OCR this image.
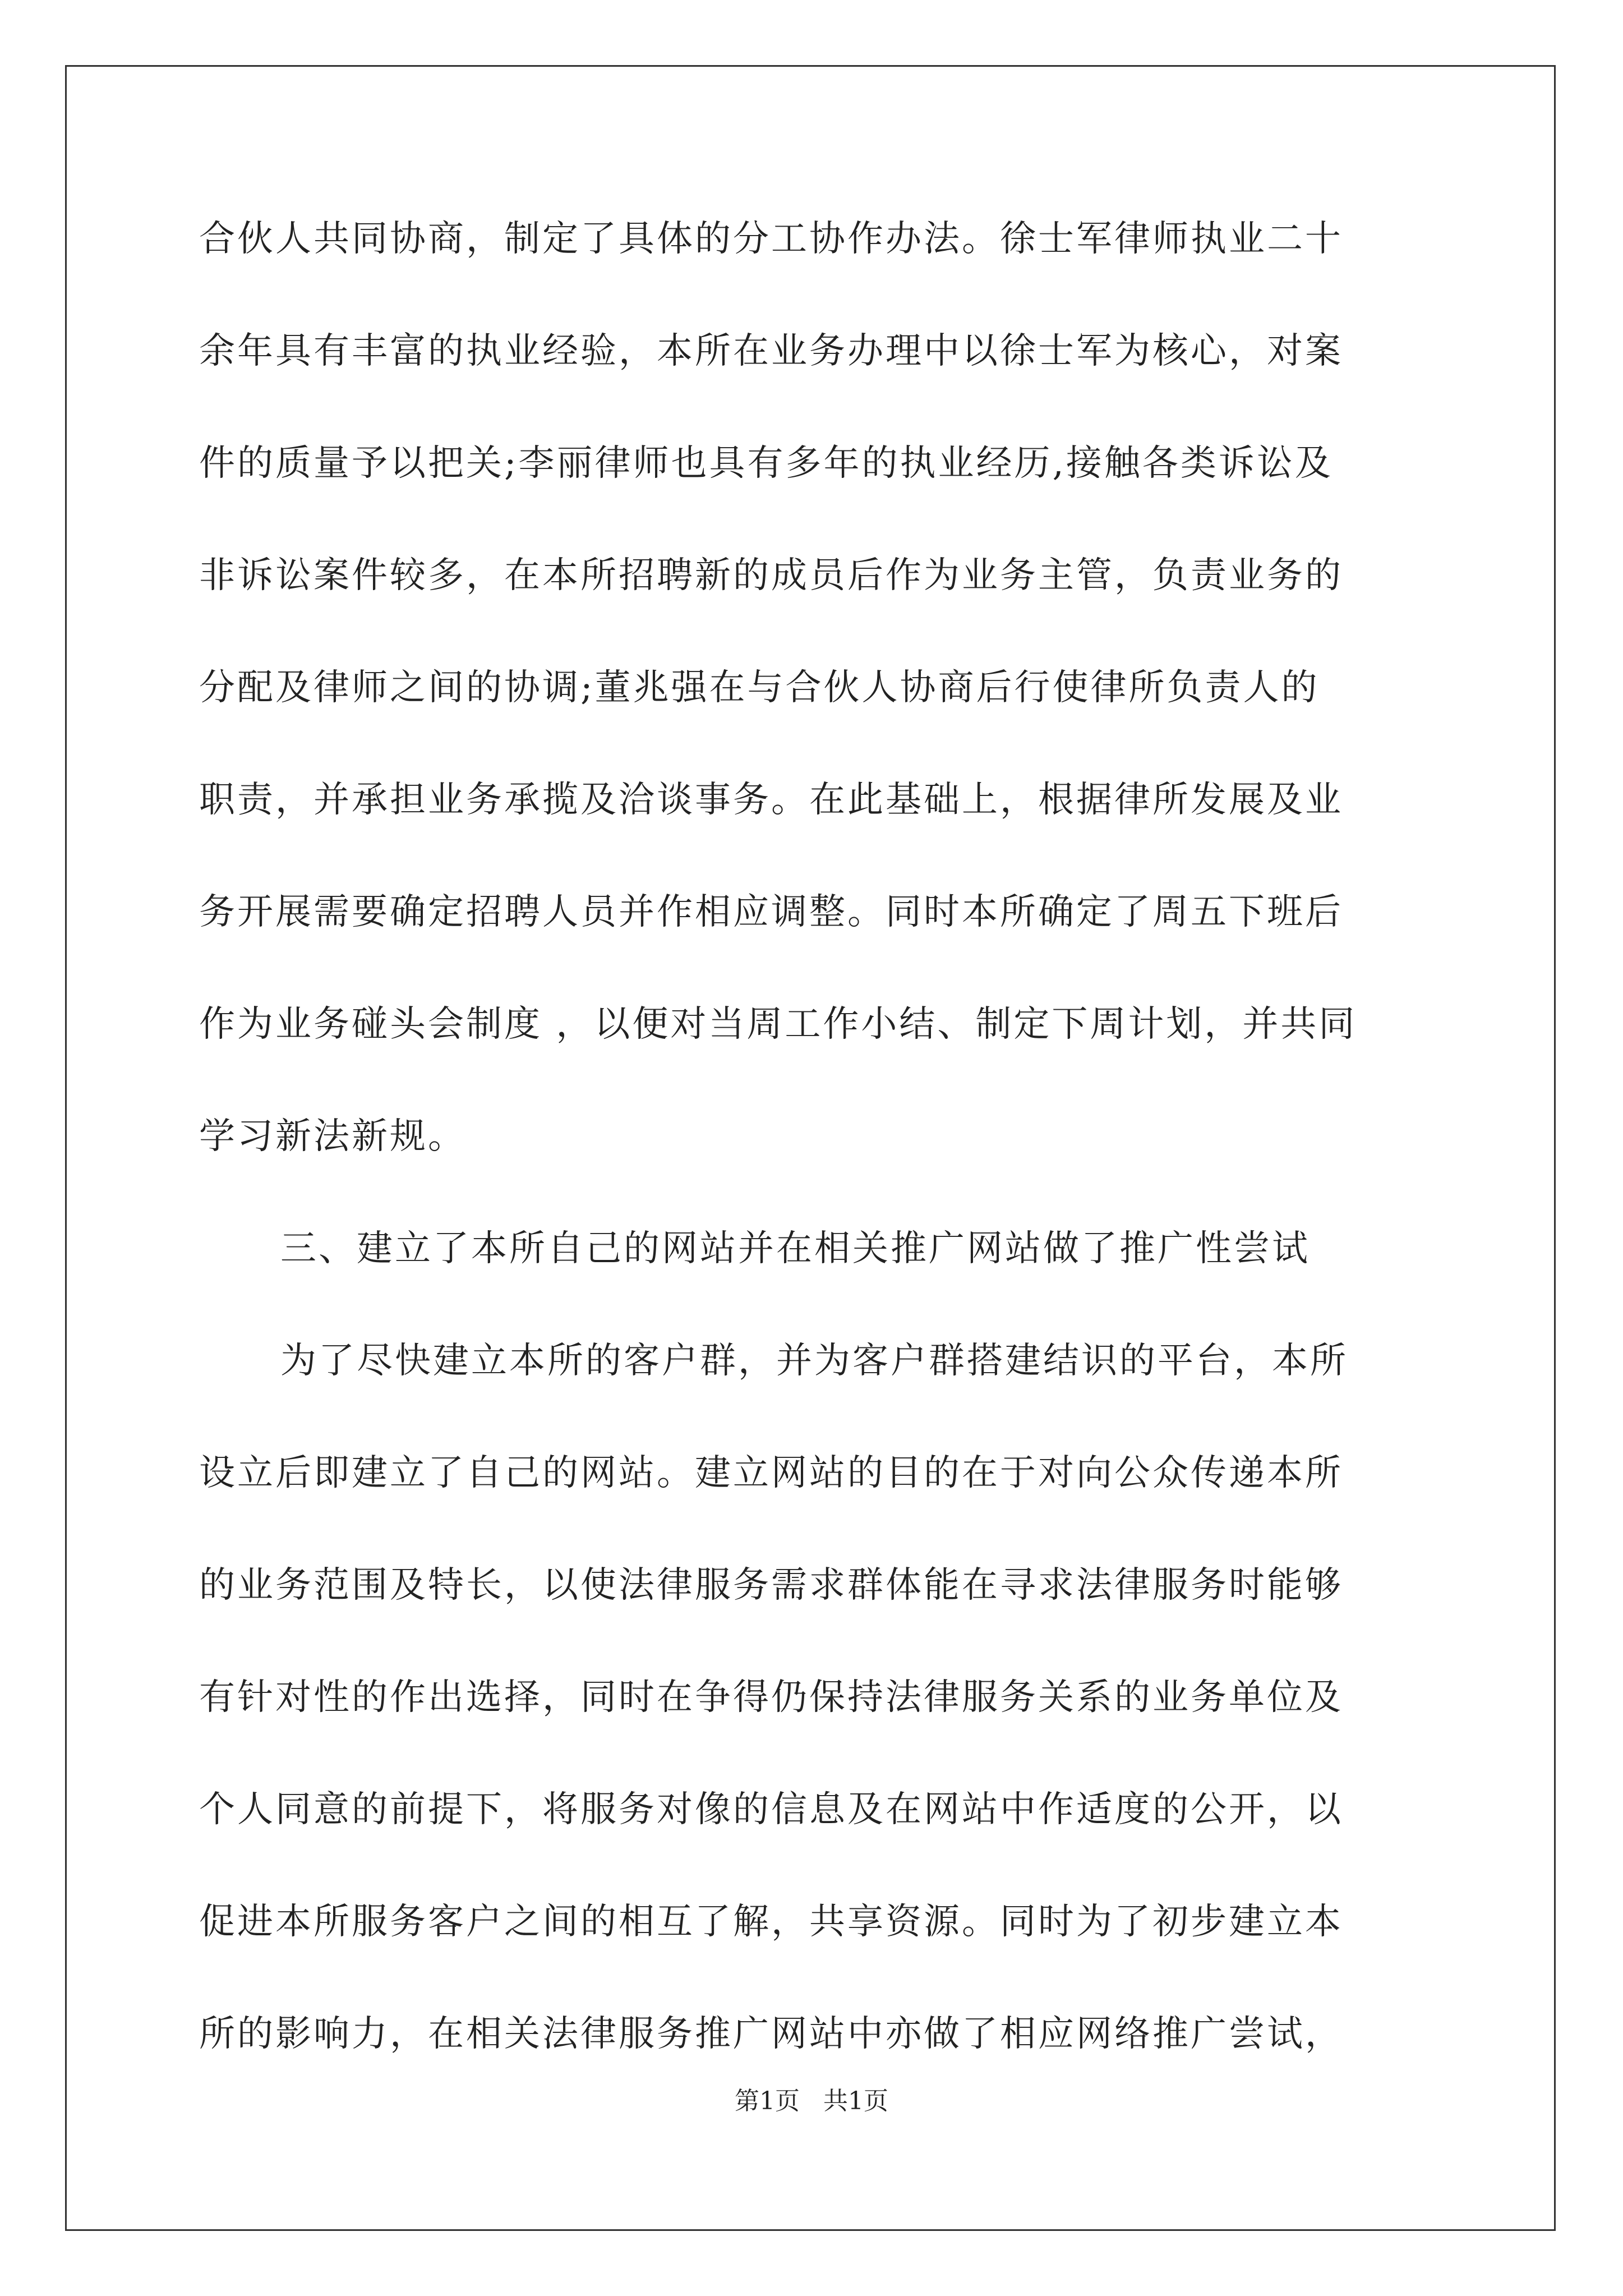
合伙人共同协商，制定了具体的分工协作办法。徐士军律师执业二十
余年具有丰富的执业经验，本所在业务办理中以徐士军为核心，对案
件的质量予以把关;李丽律师也具有多年的执业经历,接触各类诉讼及
非诉讼案件较多，在本所招聘新的成员后作为业务主管，负责业务的
分配及律师之间的协调;董兆强在与合伙人协商后行使律所负责人的
职责，并承担业务承揽及洽谈事务。在此基础上，根据律所发展及业
务开展需要确定招聘人员并作相应调整。同时本所确定了周五下班后
作为业务碰头会制度 ，以便对当周工作小结、制定下周计划，并共同
学习新法新规。
三、建立了本所自己的网站并在相关推广网站做了推广性尝试
为了尽快建立本所的客户群，并为客户群搭建结识的平台，本所
设立后即建立了自己的网站。建立网站的目的在于对向公众传递本所
的业务范围及特长，以使法律服务需求群体能在寻求法律服务时能够
有针对性的作出选择，同时在争得仍保持法律服务关系的业务单位及
个人同意的前提下，将服务对像的信息及在网站中作适度的公开，以
促进本所服务客户之间的相互了解，共享资源。同时为了初步建立本
第1页   共1页
所的影响力，在相关法律服务推广网站中亦做了相应网络推广尝试，
